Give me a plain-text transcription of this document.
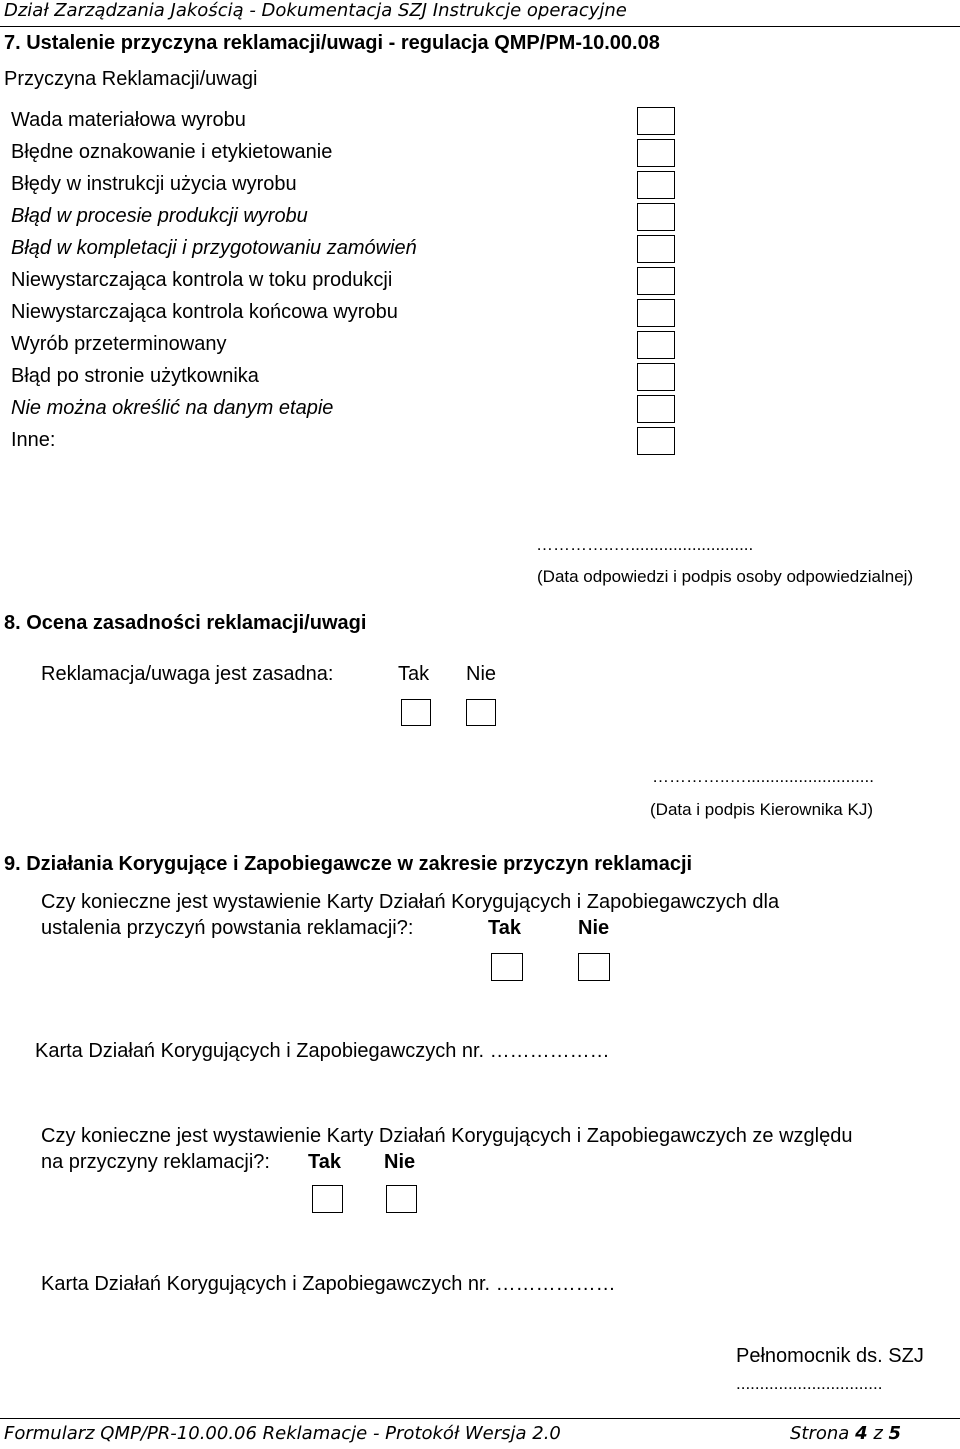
Dział Zarządzania Jakością - Dokumentacja SZJ Instrukcje operacyjne
7. Ustalenie przyczyna reklamacji/uwagi - regulacja QMP/PM-10.00.08
Przyczyna Reklamacji/uwagi
Wada materiałowa wyrobu
Błędne oznakowanie i etykietowanie
Błędy w instrukcji użycia wyrobu
Błąd w procesie produkcji wyrobu
Błąd w kompletacji i przygotowaniu zamówień
Niewystarczająca kontrola w toku produkcji
Niewystarczająca kontrola końcowa wyrobu
Wyrób przeterminowany
Błąd po stronie użytkownika
Nie można określić na danym etapie
Inne:
…………..…..........................
(Data odpowiedzi i podpis osoby odpowiedzialnej)
8. Ocena zasadności reklamacji/uwagi
Reklamacja/uwaga jest zasadna:	Tak Nie
…………..…...........................
(Data i podpis Kierownika KJ)
9. Działania Korygujące i Zapobiegawcze w zakresie przyczyn reklamacji
Czy konieczne jest wystawienie Karty Działań Korygujących i Zapobiegawczych dla
ustalenia przyczyń powstania reklamacji?:	Tak	Nie
Karta Działań Korygujących i Zapobiegawczych nr. ………………
Czy konieczne jest wystawienie Karty Działań Korygujących i Zapobiegawczych ze względu
na przyczyny reklamacji?: Tak Nie
Karta Działań Korygujących i Zapobiegawczych nr. ………………
Pełnomocnik ds. SZJ
...............................
Formularz QMP/PR-10.00.06 Reklamacje - Protokół Wersja 2.0	Strona 4 z 5
